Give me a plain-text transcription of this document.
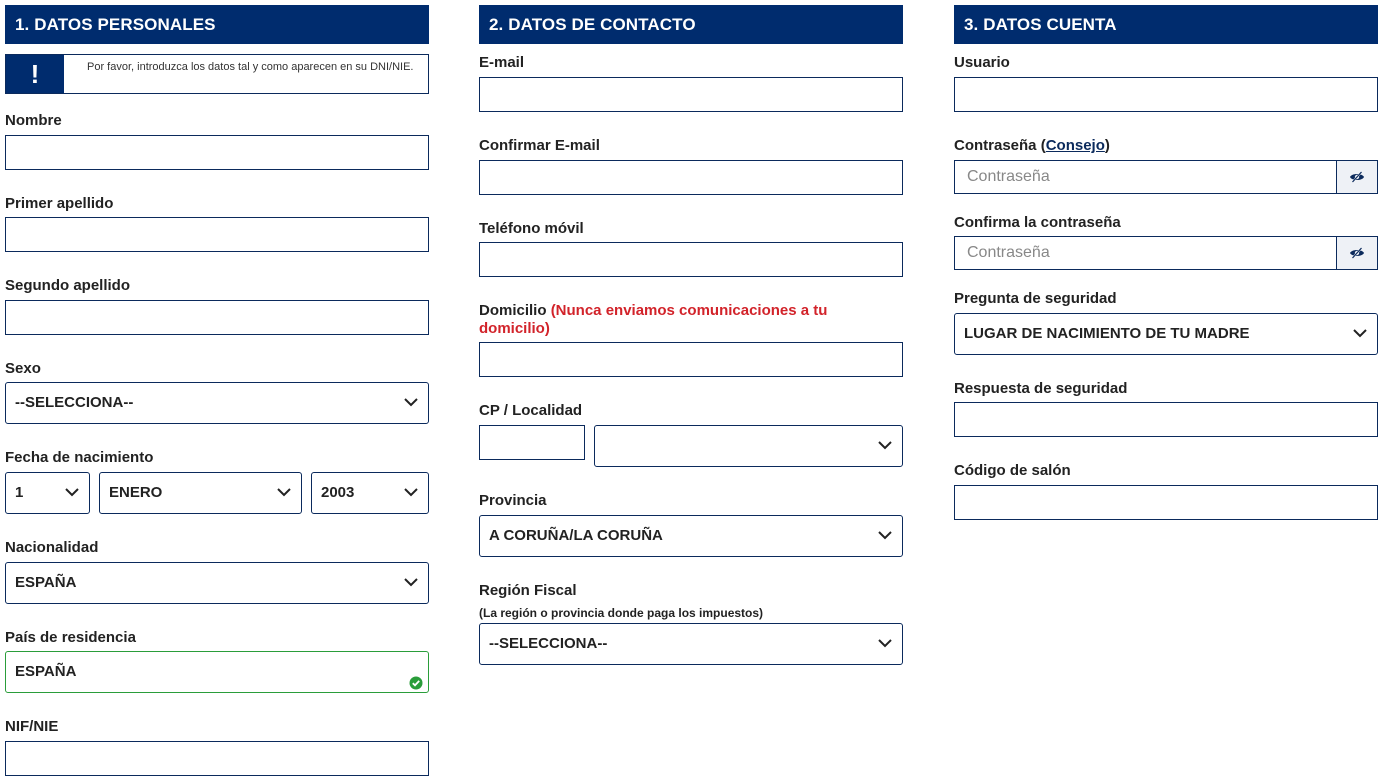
1. DATOS PERSONALES
!	Por favor, introduzca los datos tal y como aparecen en su DNI/NIE.
Nombre
Primer apellido
Segundo apellido
Sexo
--SELECCIONA--
Fecha de nacimiento
1	ENERO	2003
Nacionalidad
ESPAÑA
País de residencia
ESPAÑA
NIF/NIE
2. DATOS DE CONTACTO
E-mail
Confirmar E-mail
Teléfono móvil
Domicilio (Nunca enviamos comunicaciones a tu
domicilio)
CP / Localidad
Provincia
A CORUÑA/LA CORUÑA
Región Fiscal
(La región o provincia donde paga los impuestos)
--SELECCIONA--
3. DATOS CUENTA
Usuario
Contraseña (Consejo)
Confirma la contraseña
Pregunta de seguridad
LUGAR DE NACIMIENTO DE TU MADRE
Respuesta de seguridad
Código de salón
